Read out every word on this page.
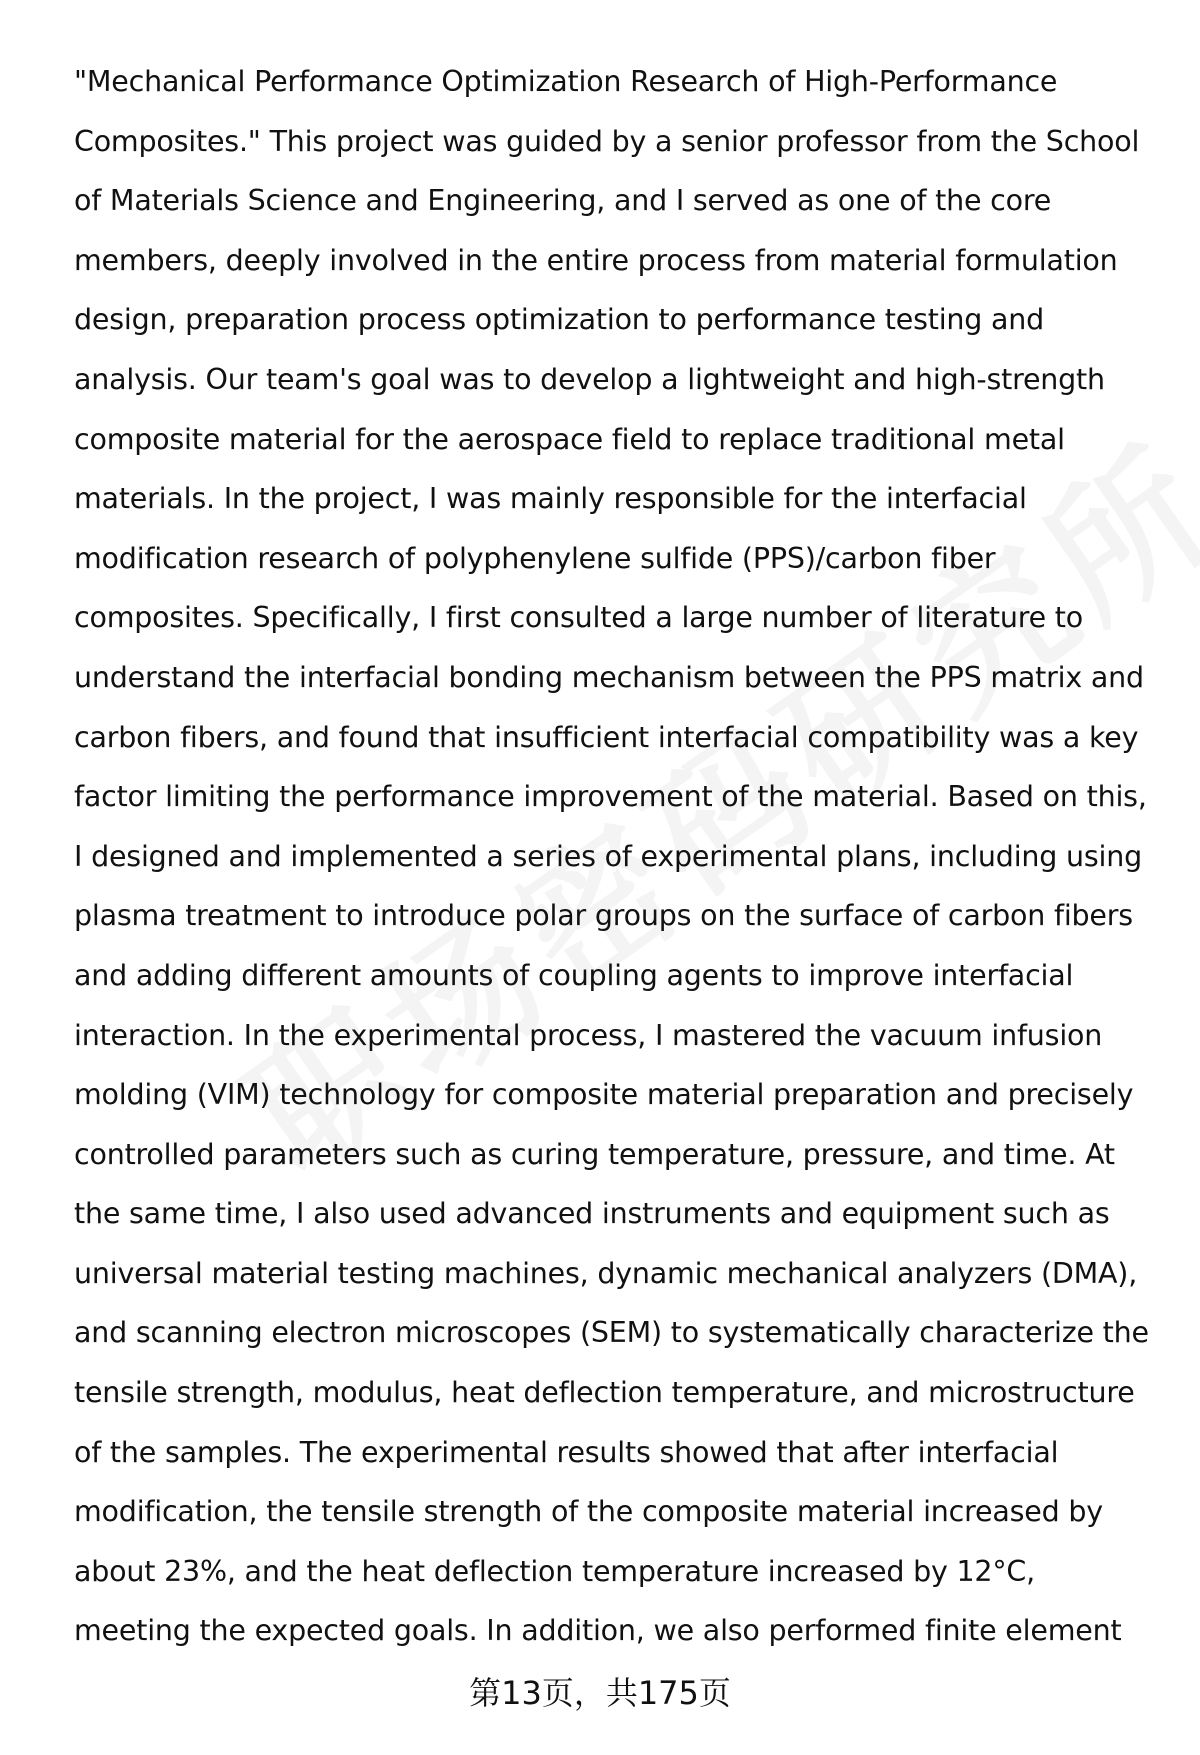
"Mechanical Performance Optimization Research of High-Performance
Composites." This project was guided by a senior professor from the School
of Materials Science and Engineering, and I served as one of the core
members, deeply involved in the entire process from material formulation
design, preparation process optimization to performance testing and
analysis. Our team's goal was to develop a lightweight and high-strength
composite material for the aerospace field to replace traditional metal
materials. In the project, I was mainly responsible for the interfacial
modification research of polyphenylene sulfide (PPS)/carbon fiber
composites. Specifically, I first consulted a large number of literature to
understand the interfacial bonding mechanism between the PPS matrix and
carbon fibers, and found that insufficient interfacial compatibility was a key
factor limiting the performance improvement of the material. Based on this,
I designed and implemented a series of experimental plans, including using
plasma treatment to introduce polar groups on the surface of carbon fibers
and adding different amounts of coupling agents to improve interfacial
interaction. In the experimental process, I mastered the vacuum infusion
molding (VIM) technology for composite material preparation and precisely
controlled parameters such as curing temperature, pressure, and time. At
the same time, I also used advanced instruments and equipment such as
universal material testing machines, dynamic mechanical analyzers (DMA),
and scanning electron microscopes (SEM) to systematically characterize the
tensile strength, modulus, heat deflection temperature, and microstructure
of the samples. The experimental results showed that after interfacial
modification, the tensile strength of the composite material increased by
about 23%, and the heat deflection temperature increased by 12°C,
meeting the expected goals. In addition, we also performed finite element
第13页，共175页
